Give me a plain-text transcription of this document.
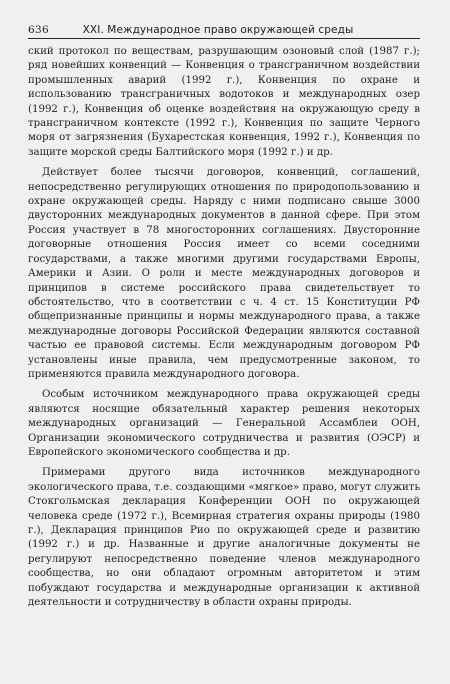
636	XXI. Международное право окружающей среды

ский протокол по веществам, разрушающим озоновый слой (1987 г.); ряд новейших конвенций — Конвенция о трансграничном воздействии промышленных аварий (1992 г.), Конвенция по охране и использованию трансграничных водотоков и международных озер (1992 г.), Конвенция об оценке воздействия на окружающую среду в трансграничном контексте (1992 г.), Конвенция по защите Черного моря от загрязнения (Бухарестская конвенция, 1992 г.), Конвенция по защите морской среды Балтийского моря (1992 г.) и др.

Действует более тысячи договоров, конвенций, соглашений, непосредственно регулирующих отношения по природопользованию и охране окружающей среды. Наряду с ними подписано свыше 3000 двусторонних международных документов в данной сфере. При этом Россия участвует в 78 многосторонних соглашениях. Двусторонние договорные отношения Россия имеет со всеми соседними государствами, а также многими другими государствами Европы, Америки и Азии. О роли и месте международных договоров и принципов в системе российского права свидетельствует то обстоятельство, что в соответствии с ч. 4 ст. 15 Конституции РФ общепризнанные принципы и нормы международного права, а также международные договоры Российской Федерации являются составной частью ее правовой системы. Если международным договором РФ установлены иные правила, чем предусмотренные законом, то применяются правила международного договора.

Особым источником международного права окружающей среды являются носящие обязательный характер решения некоторых международных организаций — Генеральной Ассамблеи ООН, Организации экономического сотрудничества и развития (ОЭСР) и Европейского экономического сообщества и др.

Примерами другого вида источников международного экологического права, т.е. создающими «мягкое» право, могут служить Стокгольмская декларация Конференции ООН по окружающей человека среде (1972 г.), Всемирная стратегия охраны природы (1980 г.), Декларация принципов Рио по окружающей среде и развитию (1992 г.) и др. Названные и другие аналогичные документы не регулируют непосредственно поведение членов международного сообщества, но они обладают огромным авторитетом и этим побуждают государства и международные организации к активной деятельности и сотрудничеству в области охраны природы.
